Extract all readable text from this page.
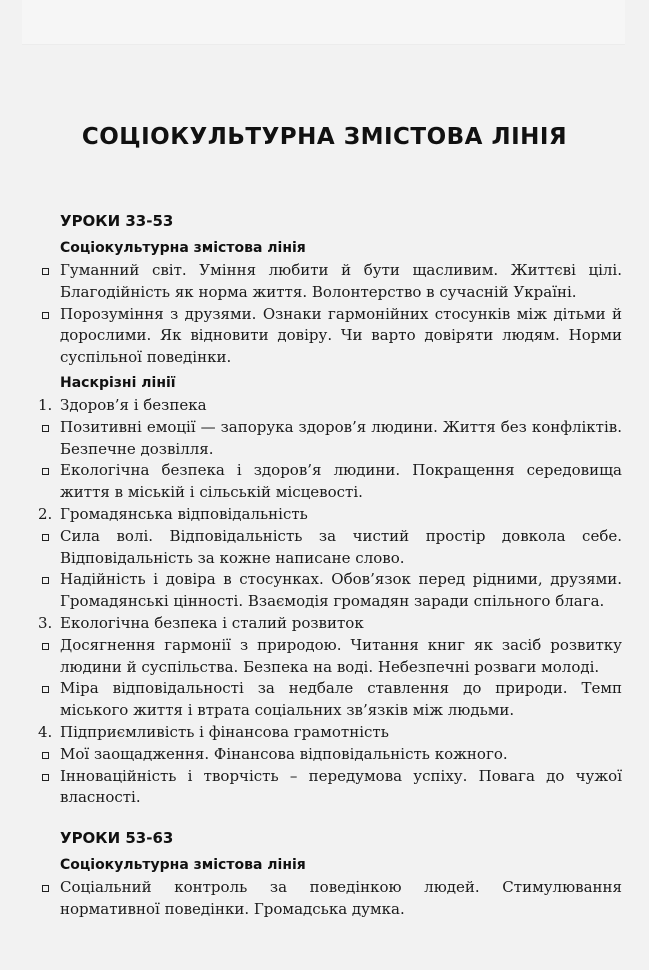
СОЦІОКУЛЬТУРНА ЗМІСТОВА ЛІНІЯ
УРОКИ 33-53
Соціокультурна змістова лінія

Гуманний світ. Уміння любити й бути щасливим. Життєві цілі. Благодійність як норма життя. Волонтерство в сучасній Україні.

Порозуміння з друзями. Ознаки гармонійних стосунків між дітьми й дорослими. Як відновити довіру. Чи варто довіряти людям. Норми суспільної поведінки.

Наскрізні лінії

1. Здоров’я і безпека

Позитивні емоції — запорука здоров’я людини. Життя без конфліктів. Безпечне дозвілля.

Екологічна безпека і здоров’я людини. Покращення середовища життя в міській і сільській місцевості.

2. Громадянська відповідальність

Сила волі. Відповідальність за чистий простір довкола себе. Відповідальність за кожне написане слово.

Надійність і довіра в стосунках. Обов’язок перед рідними, друзями. Громадянські цінності. Взаємодія громадян заради спільного блага.

3. Екологічна безпека і сталий розвиток

Досягнення гармонії з природою. Читання книг як засіб розвитку людини й суспільства. Безпека на воді. Небезпечні розваги молоді.

Міра відповідальності за недбале ставлення до природи. Темп міського життя і втрата соціальних зв’язків між людьми.

4. Підприємливість і фінансова грамотність

Мої заощадження. Фінансова відповідальність кожного.

Інноваційність і творчість – передумова успіху. Повага до чужої власності.

УРОКИ 53-63
Соціокультурна змістова лінія

Соціальний контроль за поведінкою людей. Стимулювання нормативної поведінки. Громадська думка.
